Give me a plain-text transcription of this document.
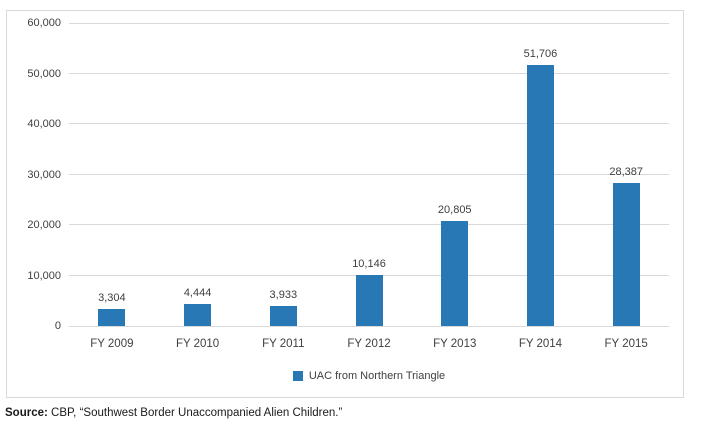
60,000
50,000
40,000
30,000
20,000
10,000
0
3,304	4,444	3,933
10,146
20,805
51,706
28,387
FY 2009	FY 2010	FY 2011	FY 2012	FY 2013	FY 2014	FY 2015
UAC from Northern Triangle
Source: CBP, “Southwest Border Unaccompanied Alien Children.”
